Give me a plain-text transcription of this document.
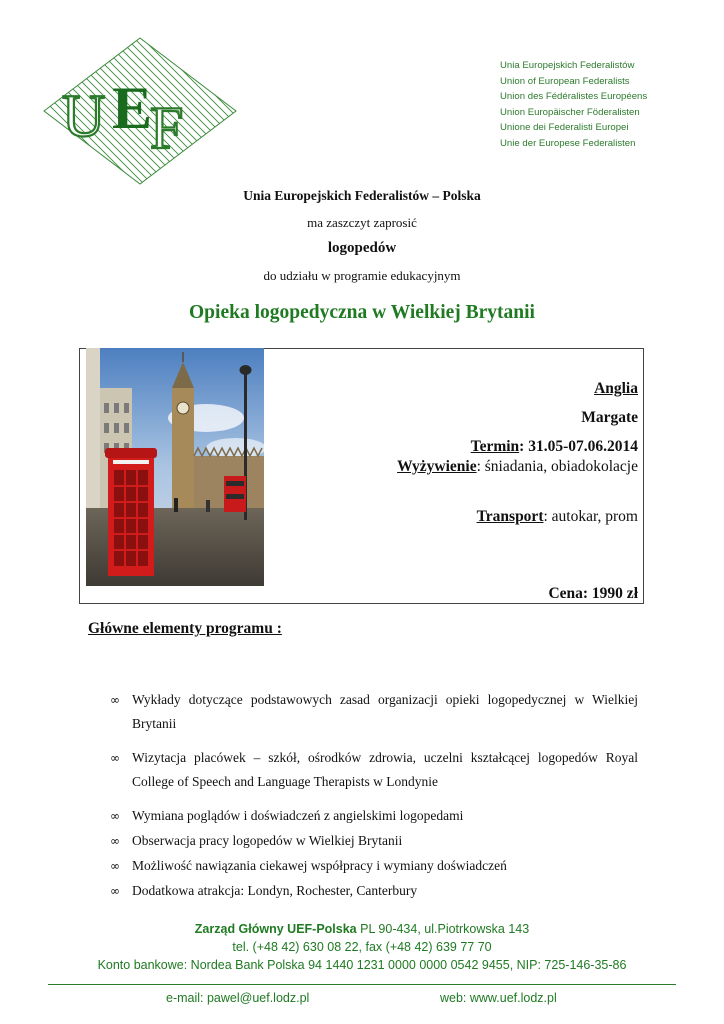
U E
F
Unia Europejskich Federalistów
Union of European Federalists
Union des Fédéralistes Européens
Union Europäischer Föderalisten
Unione dei Federalisti Europei
Unie der Europese Federalisten
Unia Europejskich Federalistów – Polska
ma zaszczyt zaprosić
logopedów
do udziału w programie edukacyjnym
Opieka logopedyczna w Wielkiej Brytanii
Anglia
Margate
Termin: 31.05-07.06.2014
Wyżywienie: śniadania, obiadokolacje
Transport: autokar, prom
Cena: 1990 zł
Główne elementy programu :
∞ Wykłady dotyczące podstawowych zasad organizacji opieki logopedycznej w Wielkiej Brytanii
∞ Wizytacja placówek – szkół, ośrodków zdrowia, uczelni kształcącej logopedów Royal College of Speech and Language Therapists w Londynie
∞ Wymiana poglądów i doświadczeń z angielskimi logopedami
∞ Obserwacja pracy logopedów w Wielkiej Brytanii
∞ Możliwość nawiązania ciekawej współpracy i wymiany doświadczeń
∞ Dodatkowa atrakcja: Londyn, Rochester, Canterbury
Zarząd Główny UEF-Polska PL 90-434, ul.Piotrkowska 143
tel. (+48 42) 630 08 22, fax (+48 42) 639 77 70
Konto bankowe: Nordea Bank Polska 94 1440 1231 0000 0000 0542 9455, NIP: 725-146-35-86
e-mail: pawel@uef.lodz.pl	web: www.uef.lodz.pl
